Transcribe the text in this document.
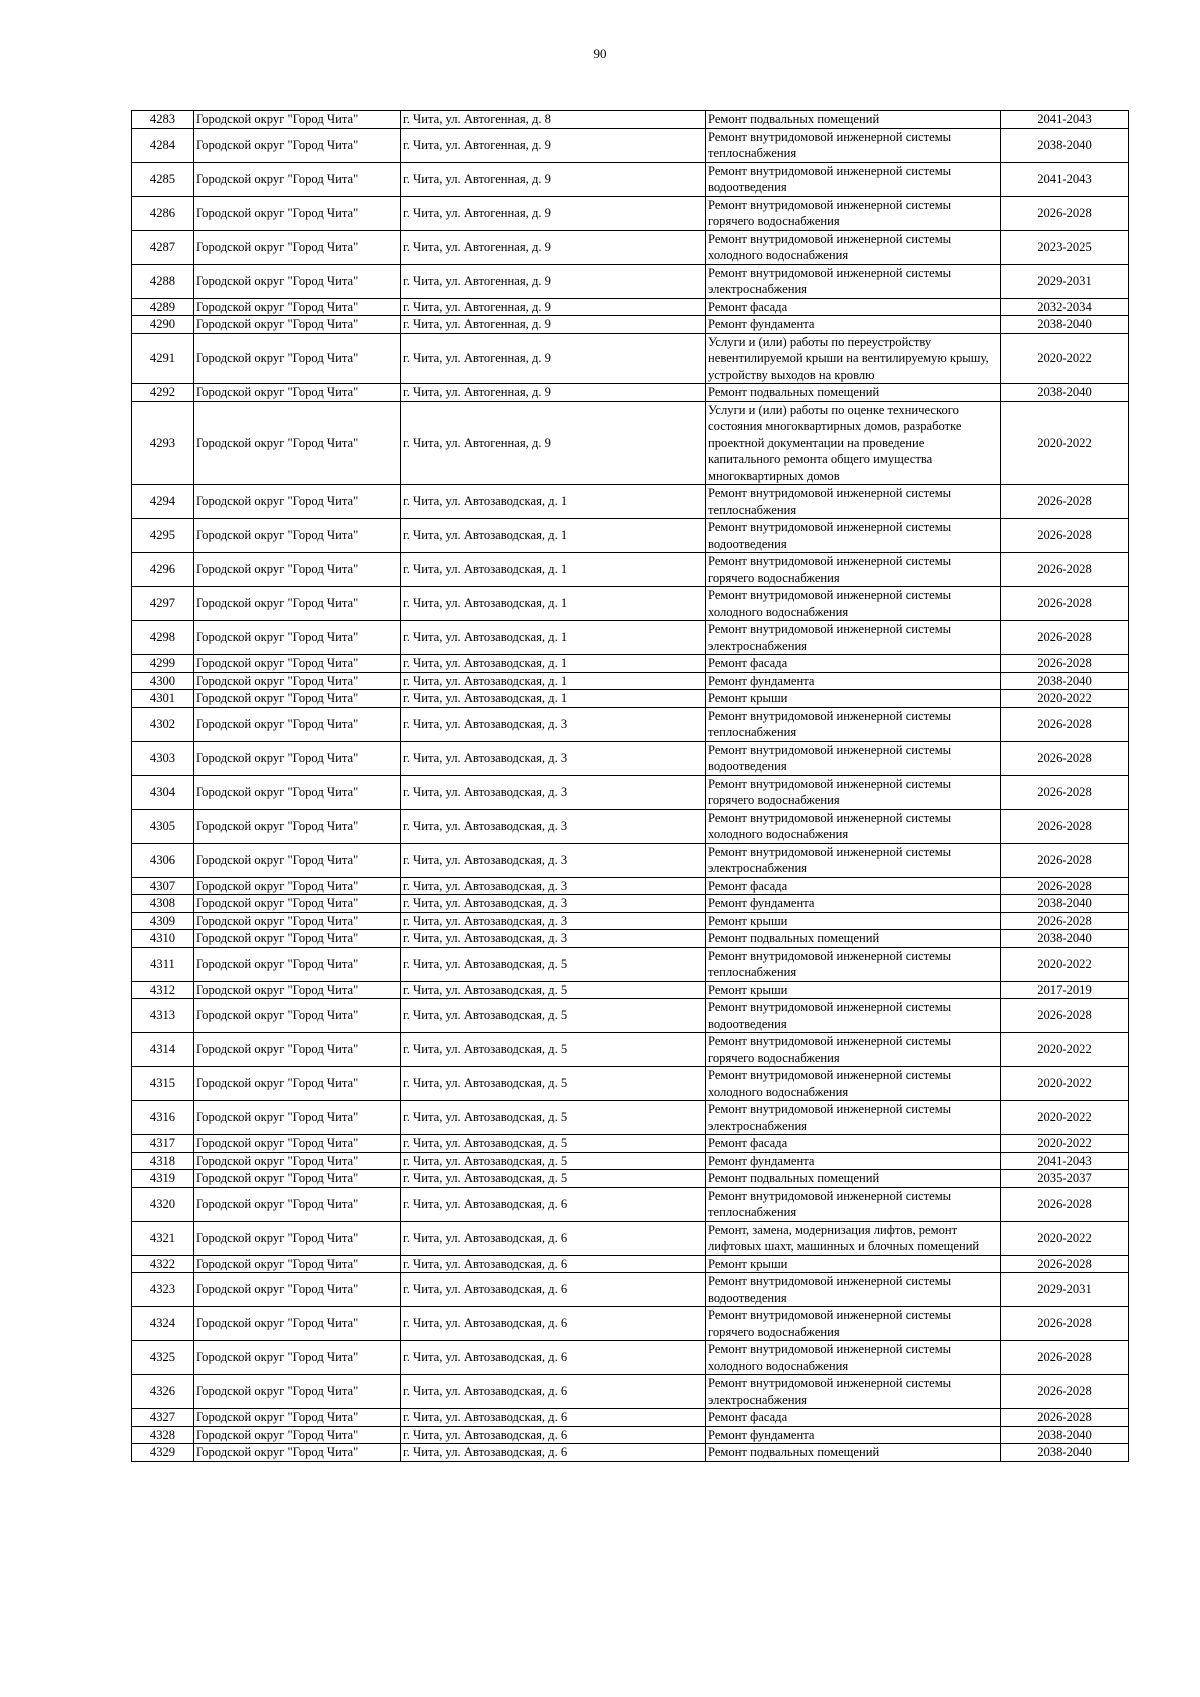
90
4283	Городской округ "Город Чита"	г. Чита, ул. Автогенная, д. 8	Ремонт подвальных помещений	2041-2043
4284	Городской округ "Город Чита"	г. Чита, ул. Автогенная, д. 9	Ремонт внутридомовой инженерной системы теплоснабжения	2038-2040
4285	Городской округ "Город Чита"	г. Чита, ул. Автогенная, д. 9	Ремонт внутридомовой инженерной системы водоотведения	2041-2043
4286	Городской округ "Город Чита"	г. Чита, ул. Автогенная, д. 9	Ремонт внутридомовой инженерной системы горячего водоснабжения	2026-2028
4287	Городской округ "Город Чита"	г. Чита, ул. Автогенная, д. 9	Ремонт внутридомовой инженерной системы холодного водоснабжения	2023-2025
4288	Городской округ "Город Чита"	г. Чита, ул. Автогенная, д. 9	Ремонт внутридомовой инженерной системы электроснабжения	2029-2031
4289	Городской округ "Город Чита"	г. Чита, ул. Автогенная, д. 9	Ремонт фасада	2032-2034
4290	Городской округ "Город Чита"	г. Чита, ул. Автогенная, д. 9	Ремонт фундамента	2038-2040
4291	Городской округ "Город Чита"	г. Чита, ул. Автогенная, д. 9	Услуги и (или) работы по переустройству невентилируемой крыши на вентилируемую крышу, устройству выходов на кровлю	2020-2022
4292	Городской округ "Город Чита"	г. Чита, ул. Автогенная, д. 9	Ремонт подвальных помещений	2038-2040
4293	Городской округ "Город Чита"	г. Чита, ул. Автогенная, д. 9	Услуги и (или) работы по оценке технического состояния многоквартирных домов, разработке проектной документации на проведение капитального ремонта общего имущества многоквартирных домов	2020-2022
4294	Городской округ "Город Чита"	г. Чита, ул. Автозаводская, д. 1	Ремонт внутридомовой инженерной системы теплоснабжения	2026-2028
4295	Городской округ "Город Чита"	г. Чита, ул. Автозаводская, д. 1	Ремонт внутридомовой инженерной системы водоотведения	2026-2028
4296	Городской округ "Город Чита"	г. Чита, ул. Автозаводская, д. 1	Ремонт внутридомовой инженерной системы горячего водоснабжения	2026-2028
4297	Городской округ "Город Чита"	г. Чита, ул. Автозаводская, д. 1	Ремонт внутридомовой инженерной системы холодного водоснабжения	2026-2028
4298	Городской округ "Город Чита"	г. Чита, ул. Автозаводская, д. 1	Ремонт внутридомовой инженерной системы электроснабжения	2026-2028
4299	Городской округ "Город Чита"	г. Чита, ул. Автозаводская, д. 1	Ремонт фасада	2026-2028
4300	Городской округ "Город Чита"	г. Чита, ул. Автозаводская, д. 1	Ремонт фундамента	2038-2040
4301	Городской округ "Город Чита"	г. Чита, ул. Автозаводская, д. 1	Ремонт крыши	2020-2022
4302	Городской округ "Город Чита"	г. Чита, ул. Автозаводская, д. 3	Ремонт внутридомовой инженерной системы теплоснабжения	2026-2028
4303	Городской округ "Город Чита"	г. Чита, ул. Автозаводская, д. 3	Ремонт внутридомовой инженерной системы водоотведения	2026-2028
4304	Городской округ "Город Чита"	г. Чита, ул. Автозаводская, д. 3	Ремонт внутридомовой инженерной системы горячего водоснабжения	2026-2028
4305	Городской округ "Город Чита"	г. Чита, ул. Автозаводская, д. 3	Ремонт внутридомовой инженерной системы холодного водоснабжения	2026-2028
4306	Городской округ "Город Чита"	г. Чита, ул. Автозаводская, д. 3	Ремонт внутридомовой инженерной системы электроснабжения	2026-2028
4307	Городской округ "Город Чита"	г. Чита, ул. Автозаводская, д. 3	Ремонт фасада	2026-2028
4308	Городской округ "Город Чита"	г. Чита, ул. Автозаводская, д. 3	Ремонт фундамента	2038-2040
4309	Городской округ "Город Чита"	г. Чита, ул. Автозаводская, д. 3	Ремонт крыши	2026-2028
4310	Городской округ "Город Чита"	г. Чита, ул. Автозаводская, д. 3	Ремонт подвальных помещений	2038-2040
4311	Городской округ "Город Чита"	г. Чита, ул. Автозаводская, д. 5	Ремонт внутридомовой инженерной системы теплоснабжения	2020-2022
4312	Городской округ "Город Чита"	г. Чита, ул. Автозаводская, д. 5	Ремонт крыши	2017-2019
4313	Городской округ "Город Чита"	г. Чита, ул. Автозаводская, д. 5	Ремонт внутридомовой инженерной системы водоотведения	2026-2028
4314	Городской округ "Город Чита"	г. Чита, ул. Автозаводская, д. 5	Ремонт внутридомовой инженерной системы горячего водоснабжения	2020-2022
4315	Городской округ "Город Чита"	г. Чита, ул. Автозаводская, д. 5	Ремонт внутридомовой инженерной системы холодного водоснабжения	2020-2022
4316	Городской округ "Город Чита"	г. Чита, ул. Автозаводская, д. 5	Ремонт внутридомовой инженерной системы электроснабжения	2020-2022
4317	Городской округ "Город Чита"	г. Чита, ул. Автозаводская, д. 5	Ремонт фасада	2020-2022
4318	Городской округ "Город Чита"	г. Чита, ул. Автозаводская, д. 5	Ремонт фундамента	2041-2043
4319	Городской округ "Город Чита"	г. Чита, ул. Автозаводская, д. 5	Ремонт подвальных помещений	2035-2037
4320	Городской округ "Город Чита"	г. Чита, ул. Автозаводская, д. 6	Ремонт внутридомовой инженерной системы теплоснабжения	2026-2028
4321	Городской округ "Город Чита"	г. Чита, ул. Автозаводская, д. 6	Ремонт, замена, модернизация лифтов, ремонт лифтовых шахт, машинных и блочных помещений	2020-2022
4322	Городской округ "Город Чита"	г. Чита, ул. Автозаводская, д. 6	Ремонт крыши	2026-2028
4323	Городской округ "Город Чита"	г. Чита, ул. Автозаводская, д. 6	Ремонт внутридомовой инженерной системы водоотведения	2029-2031
4324	Городской округ "Город Чита"	г. Чита, ул. Автозаводская, д. 6	Ремонт внутридомовой инженерной системы горячего водоснабжения	2026-2028
4325	Городской округ "Город Чита"	г. Чита, ул. Автозаводская, д. 6	Ремонт внутридомовой инженерной системы холодного водоснабжения	2026-2028
4326	Городской округ "Город Чита"	г. Чита, ул. Автозаводская, д. 6	Ремонт внутридомовой инженерной системы электроснабжения	2026-2028
4327	Городской округ "Город Чита"	г. Чита, ул. Автозаводская, д. 6	Ремонт фасада	2026-2028
4328	Городской округ "Город Чита"	г. Чита, ул. Автозаводская, д. 6	Ремонт фундамента	2038-2040
4329	Городской округ "Город Чита"	г. Чита, ул. Автозаводская, д. 6	Ремонт подвальных помещений	2038-2040
